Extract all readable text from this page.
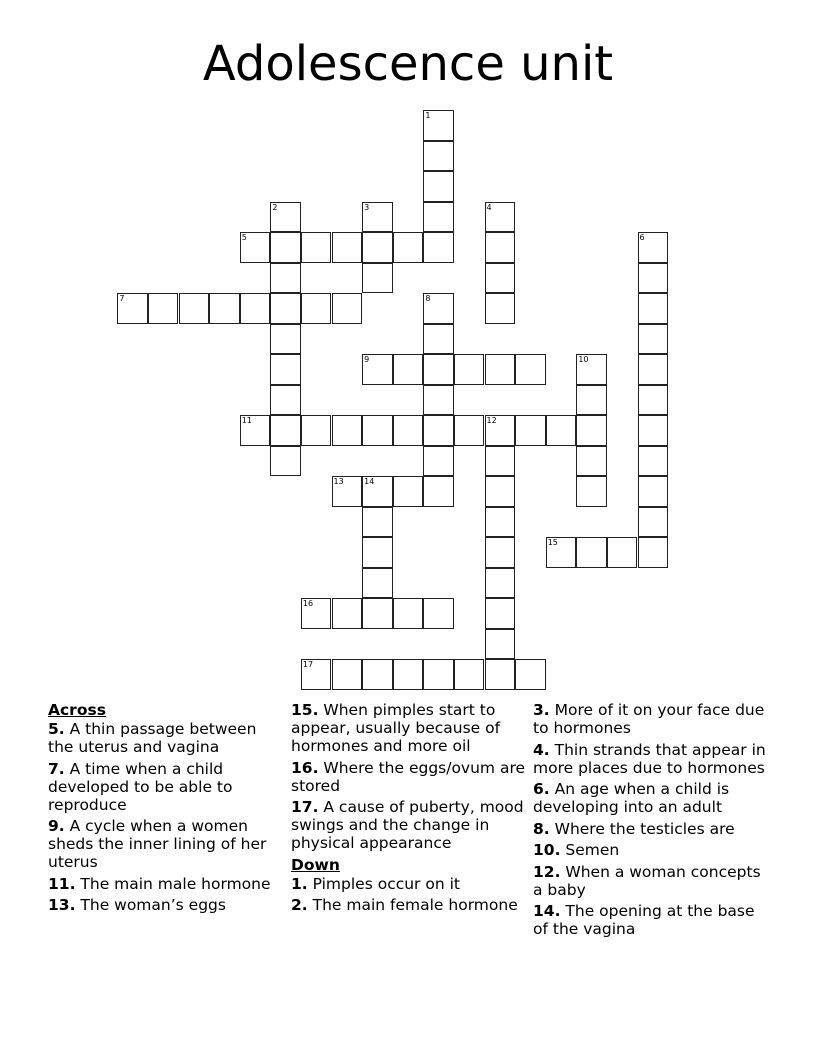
Adolescence unit
1
2	3	4
5	6
7	8
9	10
11	12
13	14
15
16
17
Across
5. A thin passage between the uterus and vagina
7. A time when a child developed to be able to reproduce
9. A cycle when a women sheds the inner lining of her uterus
11. The main male hormone
13. The woman’s eggs
15. When pimples start to appear, usually because of hormones and more oil
16. Where the eggs/ovum are stored
17. A cause of puberty, mood swings and the change in physical appearance
Down
1. Pimples occur on it
2. The main female hormone
3. More of it on your face due to hormones
4. Thin strands that appear in more places due to hormones
6. An age when a child is developing into an adult
8. Where the testicles are
10. Semen
12. When a woman concepts a baby
14. The opening at the base of the vagina
